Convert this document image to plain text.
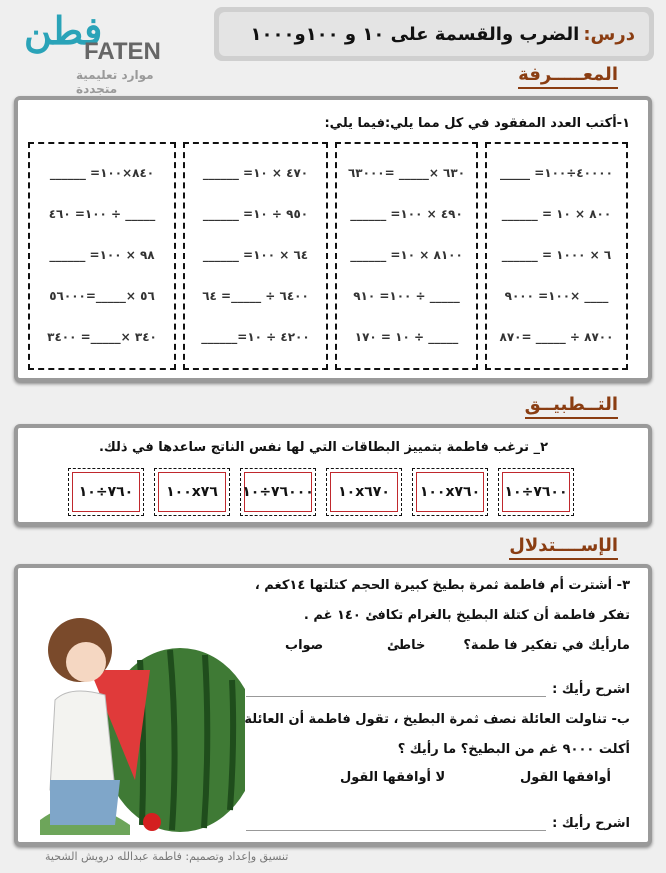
فطن
FATEN
موارد تعليمية متجددة
درس:
الضرب والقسمة على ١٠ و ١٠٠و١٠٠٠
المعـــــرفة
١-أكتب العدد المفقود في كل مما يلي:فيما يلي:
_____ =١٠٠÷٤٠٠٠٠
______ = ١٠ × ٨٠٠
______ = ١٠٠٠ × ٦
٩٠٠٠ =١٠٠× ____
٨٧٠= _____ ÷ ٨٧٠٠
٦٣٠٠٠= _____× ٦٣٠
______ =١٠٠ × ٤٩٠
______ =١٠ × ٨١٠٠
٩١٠ =١٠٠ ÷ _____
١٧٠ = ١٠ ÷ _____
______ =١٠ × ٤٧٠
______ =١٠ ÷ ٩٥٠
______ =١٠٠ × ٦٤
٦٤ =_____ ÷ ٦٤٠٠
______=١٠ ÷ ٤٢٠٠
______ =١٠٠×٨٤٠
٤٦٠ =١٠٠ ÷ _____
______ =١٠٠ × ٩٨
٥٦٠٠٠=_____× ٥٦
٣٤٠٠ =_____× ٣٤٠
التــطبيــق
٢_ ترغب فاطمة بتمييز البطاقات التي لها نفس الناتج ساعدها في ذلك.
١٠÷٧٦٠	١٠٠x٧٦	١٠÷٧٦٠٠٠	١٠x٦٧٠	١٠٠x٧٦٠ ١٠÷٧٦٠٠
الإســــتدلال
٣- أشترت أم فاطمة ثمرة بطيخ كبيرة الحجم كتلتها ١٤كغم ،
تفكر فاطمة أن كتلة البطيخ بالغرام تكافئ ١٤٠ غم .
مارأيك في تفكير فا طمة؟
خاطئ
صواب
اشرح رأيك :
ب- تناولت العائلة نصف ثمرة البطيخ ، تقول فاطمة أن العائلة
أكلت ٩٠٠٠ غم من البطيخ؟ ما رأيك ؟
أوافقها القول
لا أوافقها القول
اشرح رأيك :
تنسيق وإعداد وتصميم: فاطمة عبدالله درويش الشحية
